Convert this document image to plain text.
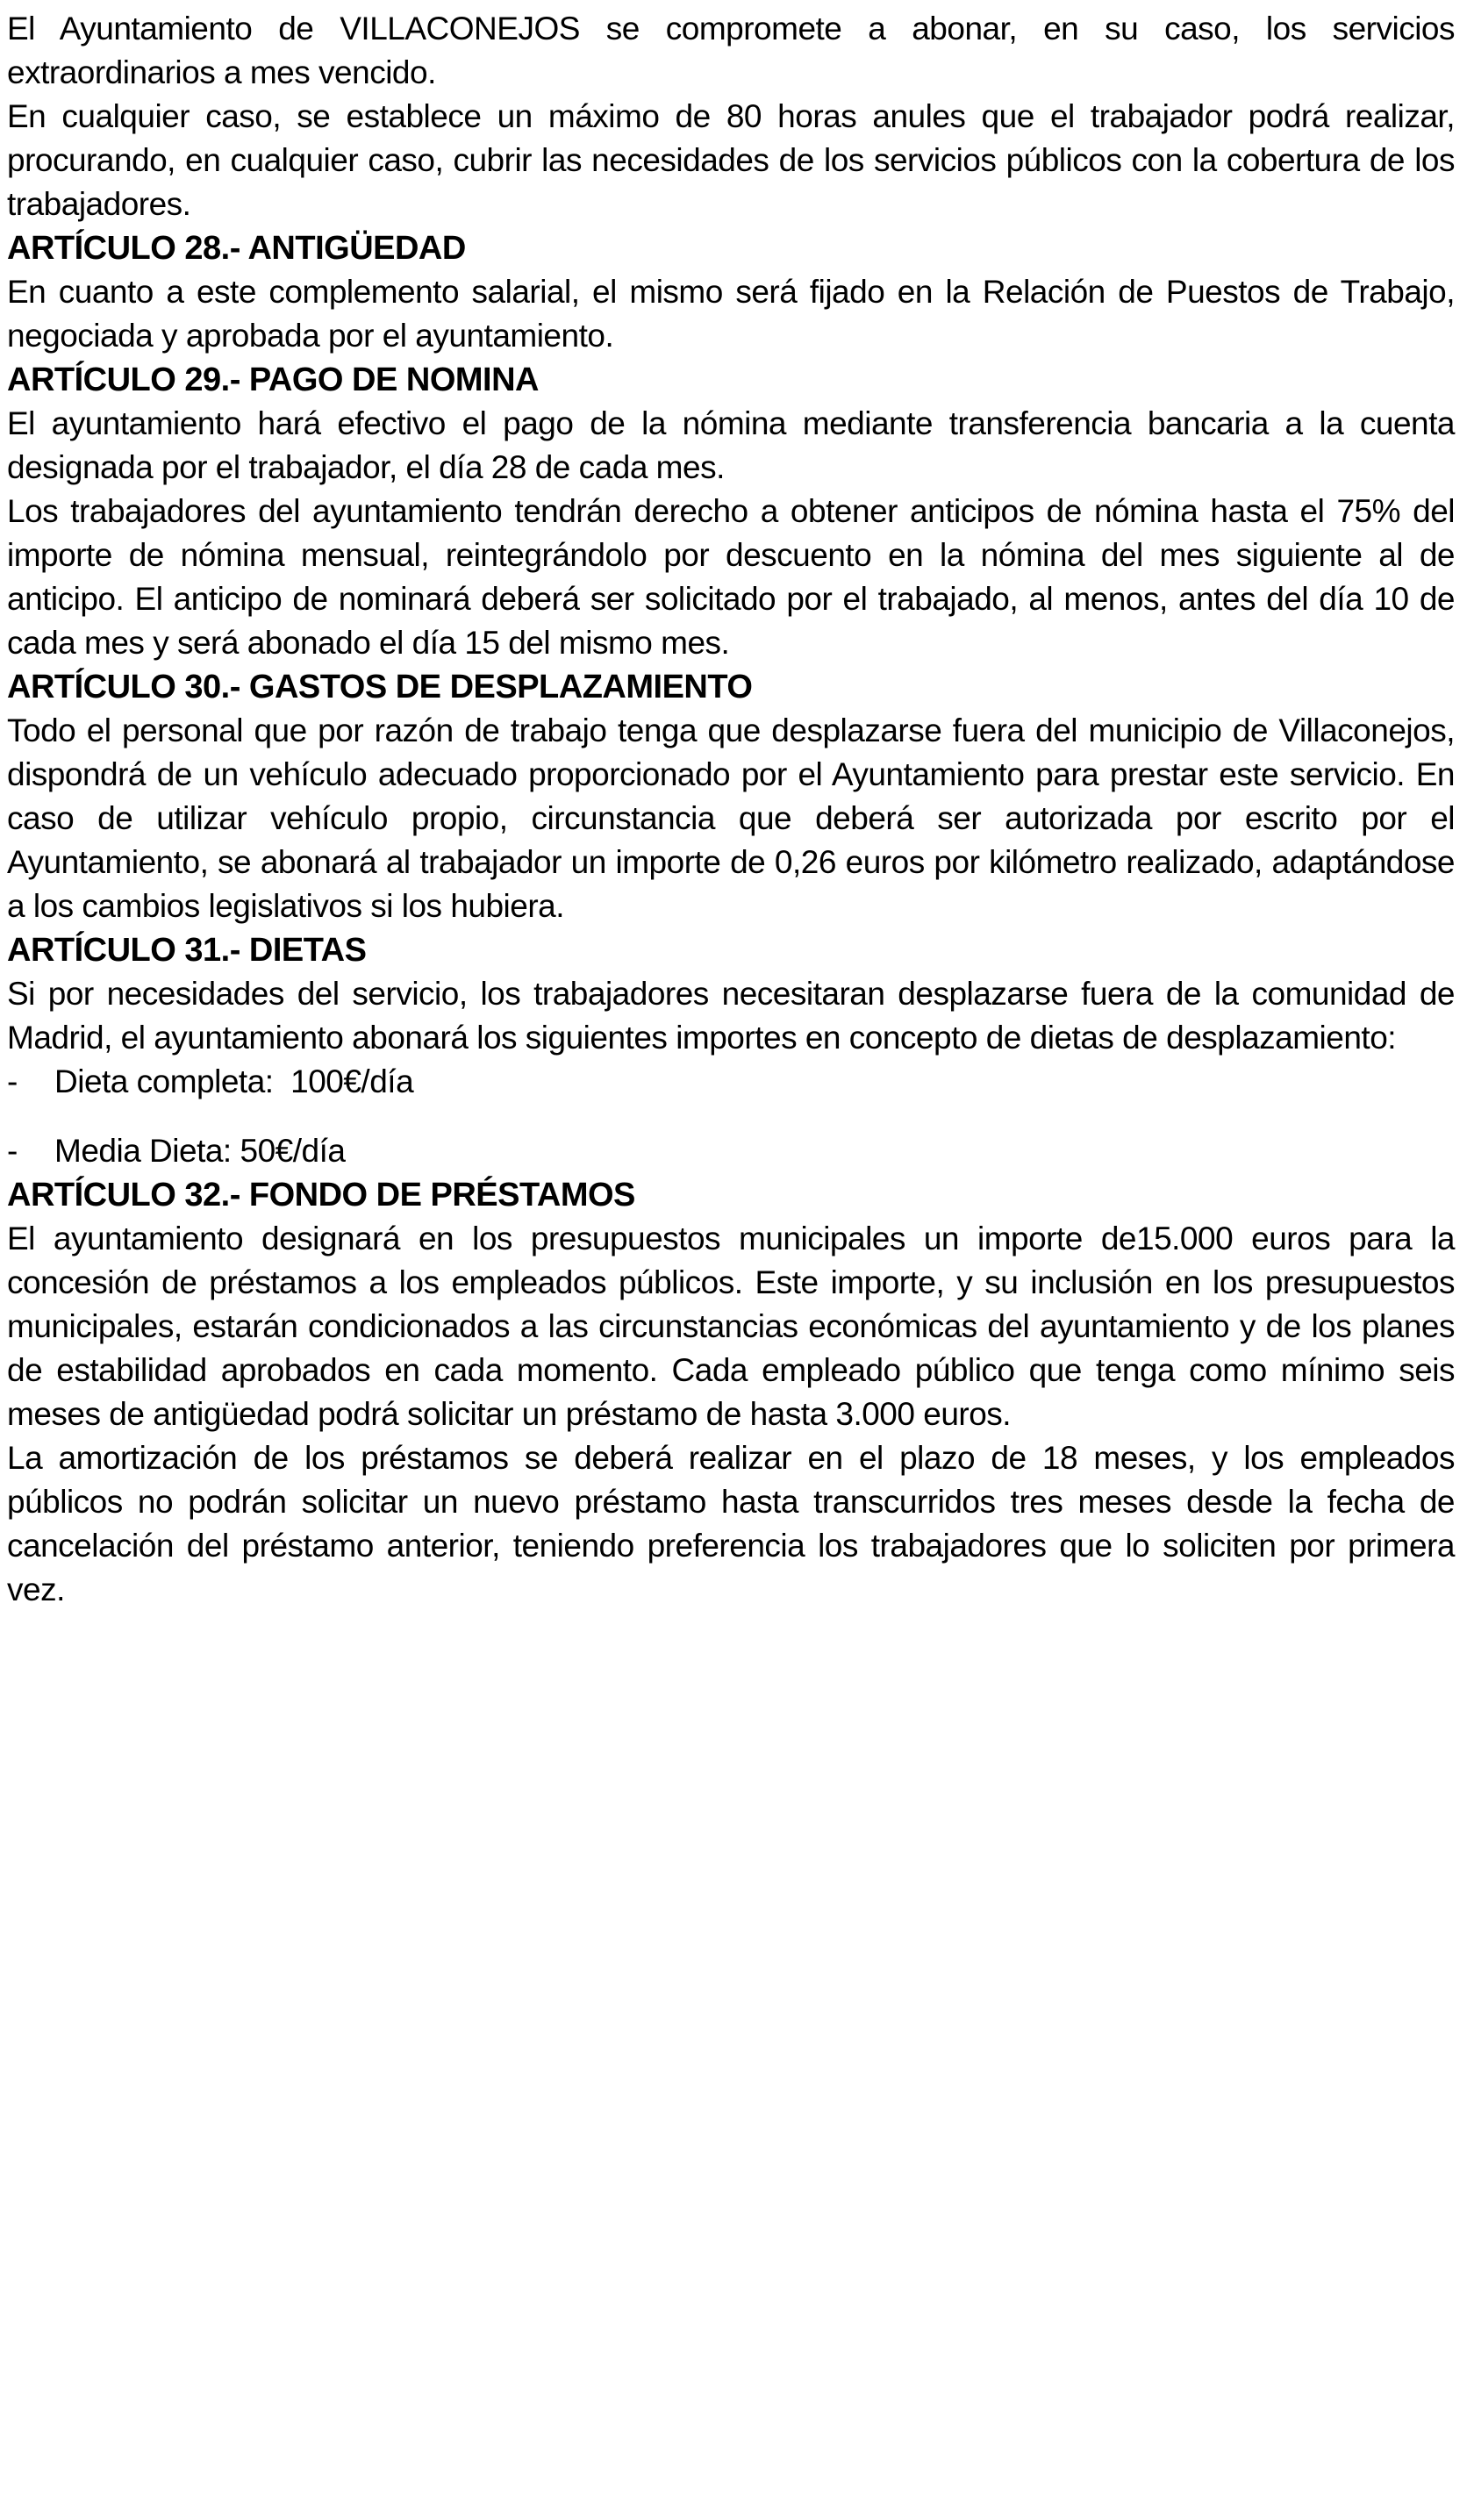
El Ayuntamiento de VILLACONEJOS se compromete a abonar, en su caso, los servicios extraordinarios a mes vencido.

En cualquier caso, se establece un máximo de 80 horas anules que el trabajador podrá realizar, procurando, en cualquier caso, cubrir las necesidades de los servicios públicos con la cobertura de los trabajadores.

ARTÍCULO 28.- ANTIGÜEDAD

En cuanto a este complemento salarial, el mismo será fijado en la Relación de Puestos de Trabajo, negociada y aprobada por el ayuntamiento.

ARTÍCULO 29.- PAGO DE NOMINA

El ayuntamiento hará efectivo el pago de la nómina mediante transferencia bancaria a la cuenta designada por el trabajador, el día 28 de cada mes.

Los trabajadores del ayuntamiento tendrán derecho a obtener anticipos de nómina hasta el 75% del importe de nómina mensual, reintegrándolo por descuento en la nómina del mes siguiente al de anticipo. El anticipo de nominará deberá ser solicitado por el trabajado, al menos, antes del día 10 de cada mes y será abonado el día 15 del mismo mes.

ARTÍCULO 30.- GASTOS DE DESPLAZAMIENTO

Todo el personal que por razón de trabajo tenga que desplazarse fuera del municipio de Villaconejos, dispondrá de un vehículo adecuado proporcionado por el Ayuntamiento para prestar este servicio. En caso de utilizar vehículo propio, circunstancia que deberá ser autorizada por escrito por el Ayuntamiento, se abonará al trabajador un importe de 0,26 euros por kilómetro realizado, adaptándose a los cambios legislativos si los hubiera.

ARTÍCULO 31.- DIETAS

Si por necesidades del servicio, los trabajadores necesitaran desplazarse fuera de la comunidad de Madrid, el ayuntamiento abonará los siguientes importes en concepto de dietas de desplazamiento:

-	Dieta completa:  100€/día
-	Media Dieta: 50€/día
ARTÍCULO 32.- FONDO DE PRÉSTAMOS

El ayuntamiento designará en los presupuestos municipales un importe de15.000 euros para la concesión de préstamos a los empleados públicos. Este importe, y su inclusión en los presupuestos municipales, estarán condicionados a las circunstancias económicas del ayuntamiento y de los planes de estabilidad aprobados en cada momento. Cada empleado público que tenga como mínimo seis meses de antigüedad podrá solicitar un préstamo de hasta 3.000 euros.

La amortización de los préstamos se deberá realizar en el plazo de 18 meses, y los empleados públicos no podrán solicitar un nuevo préstamo hasta transcurridos tres meses desde la fecha de cancelación del préstamo anterior, teniendo preferencia los trabajadores que lo soliciten por primera vez.
